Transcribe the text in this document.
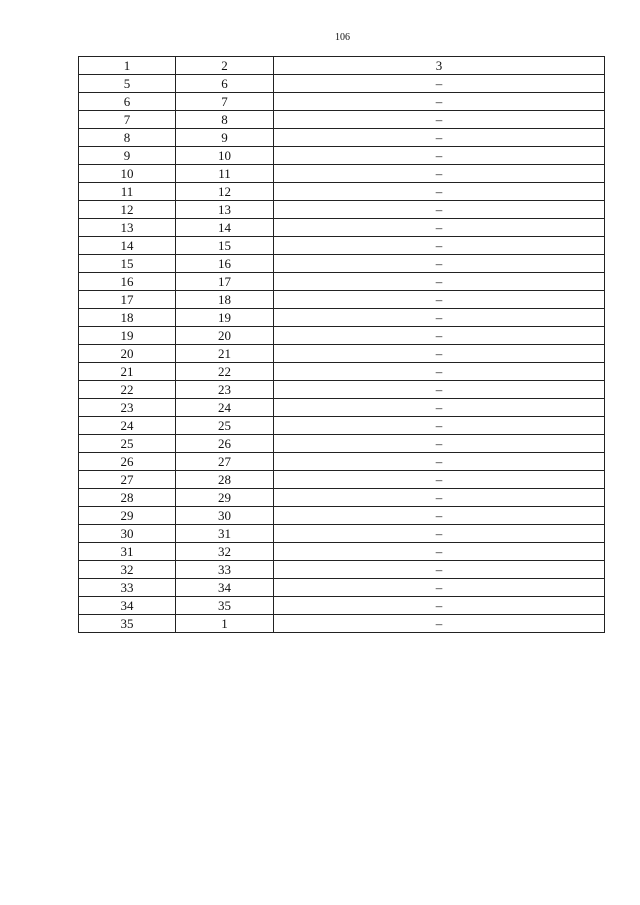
106
1	2	3
5	6	–
6	7	–
7	8	–
8	9	–
9	10	–
10	11	–
11	12	–
12	13	–
13	14	–
14	15	–
15	16	–
16	17	–
17	18	–
18	19	–
19	20	–
20	21	–
21	22	–
22	23	–
23	24	–
24	25	–
25	26	–
26	27	–
27	28	–
28	29	–
29	30	–
30	31	–
31	32	–
32	33	–
33	34	–
34	35	–
35	1	–
